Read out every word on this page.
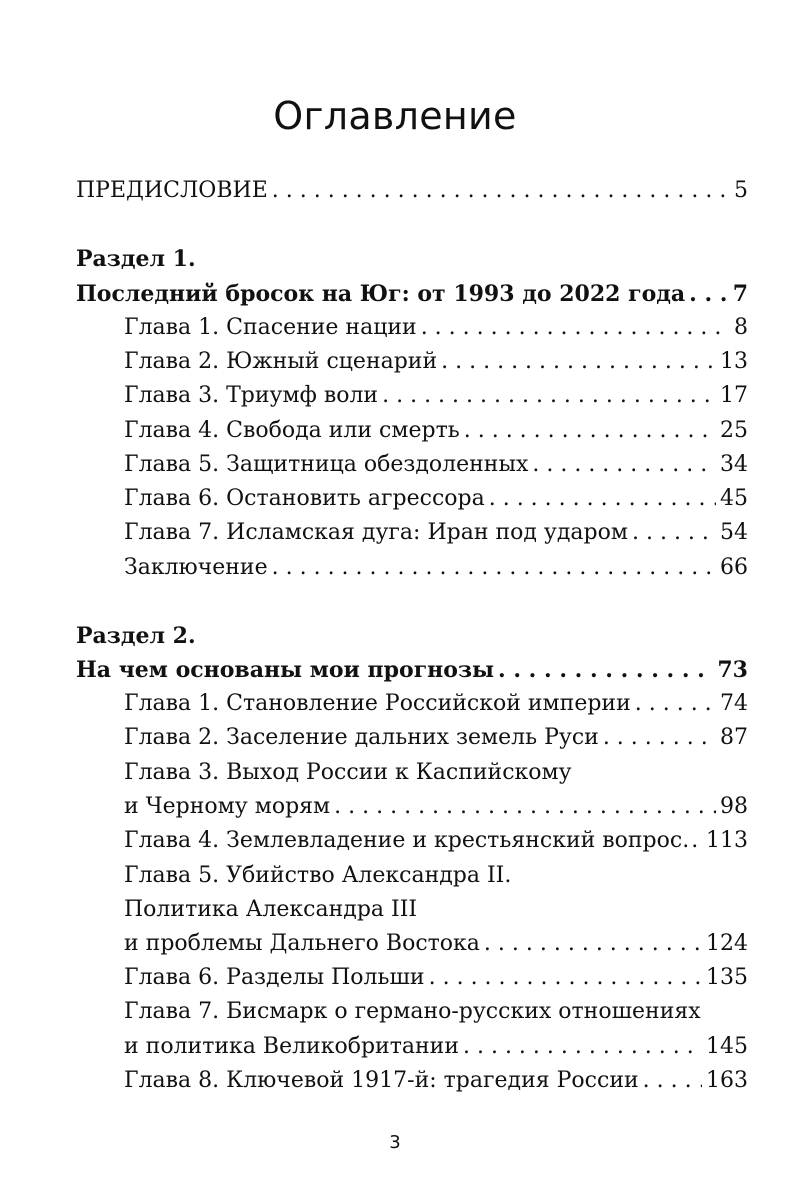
Оглавление
ПРЕДИСЛОВИЕ . . .	5
Раздел 1.
Последний бросок на Юг: от 1993 до 2022 года . . . 7
Глава 1. Спасение нации . . .	8
Глава 2. Южный сценарий . . .	13
Глава 3. Триумф воли . . .	17
Глава 4. Свобода или смерть . . .	25
Глава 5. Защитница обездоленных . . .	34
Глава 6. Остановить агрессора . . .	45
Глава 7. Исламская дуга: Иран под ударом . . .	54
Заключение . . .	66
Раздел 2.
На чем основаны мои прогнозы . . .	73
Глава 1. Становление Российской империи . . .	74
Глава 2. Заселение дальних земель Руси . . .	87
Глава 3. Выход России к Каспийскому
и Черному морям . . .	98
Глава 4. Землевладение и крестьянский вопрос. . . . 113
Глава 5. Убийство Александра II.
Политика Александра III
и проблемы Дальнего Востока . . .	124
Глава 6. Разделы Польши . . .	135
Глава 7. Бисмарк о германо-русских отношениях
и политика Великобритании . . .	145
Глава 8. Ключевой 1917-й: трагедия России . . .	163
3
